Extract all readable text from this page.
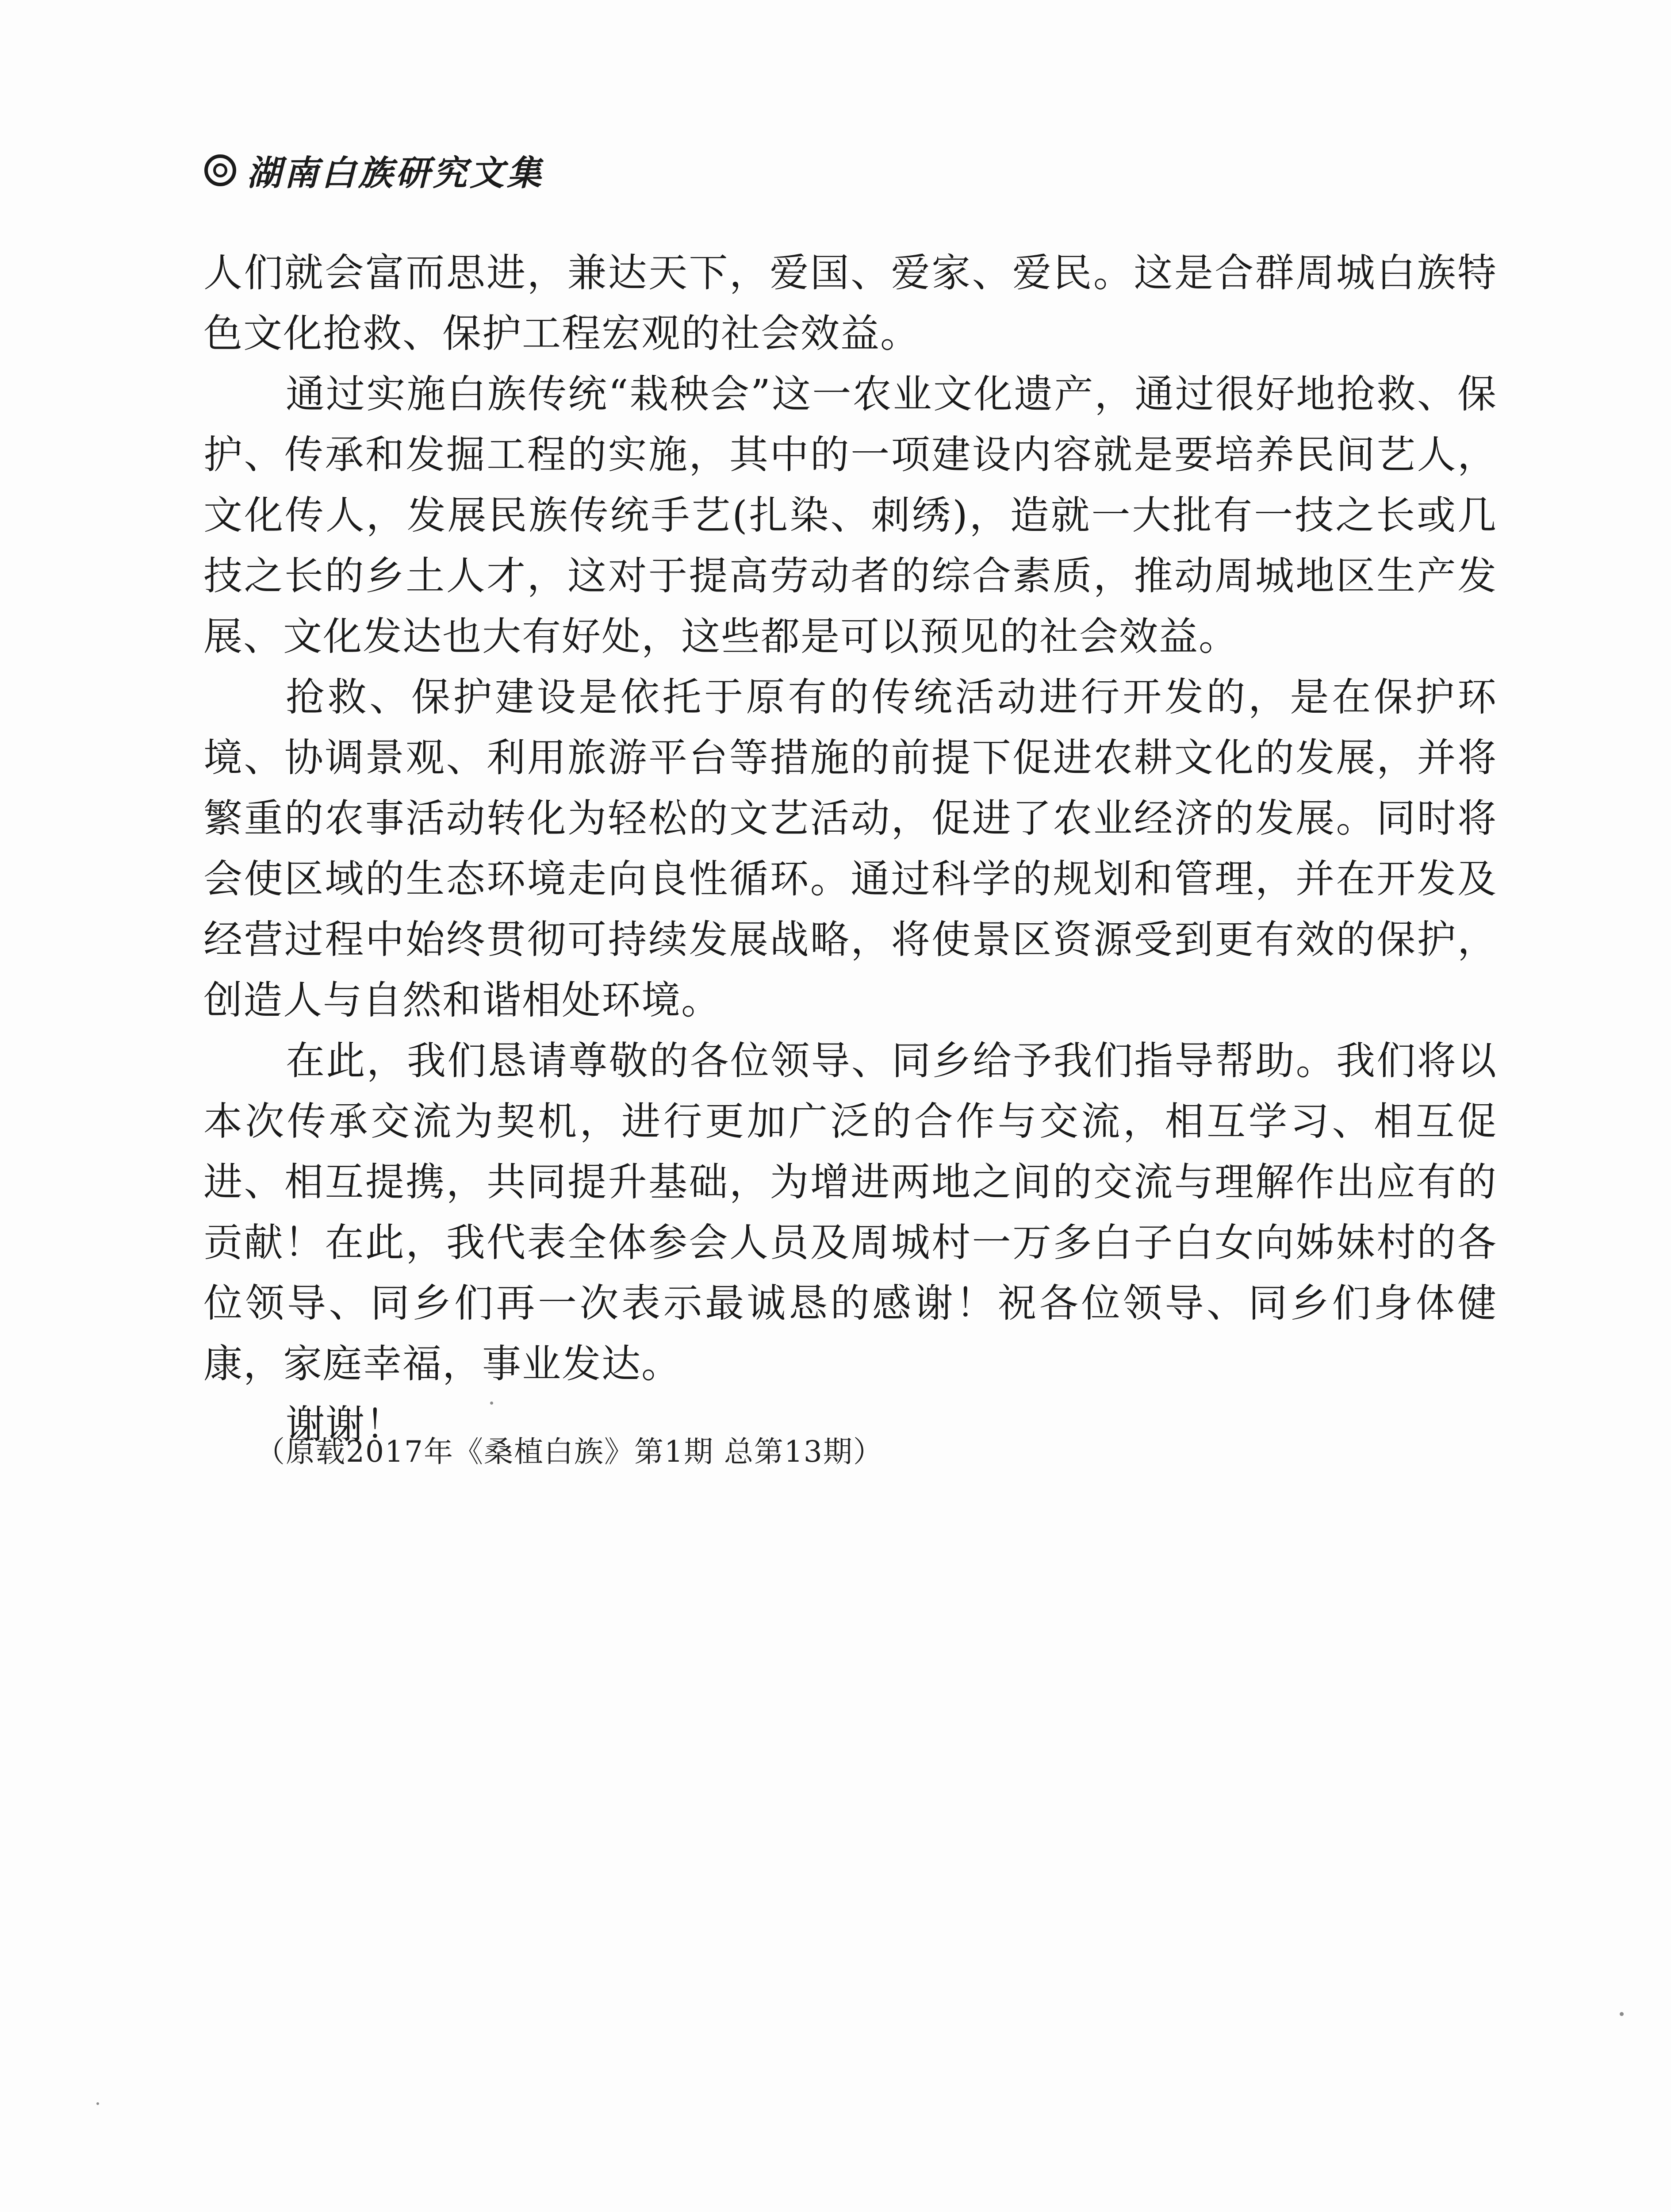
湖南白族研究文集

人们就会富而思进，兼达天下，爱国、爱家、爱民。这是合群周城白族特色文化抢救、保护工程宏观的社会效益。

通过实施白族传统“栽秧会”这一农业文化遗产，通过很好地抢救、保护、传承和发掘工程的实施，其中的一项建设内容就是要培养民间艺人，文化传人，发展民族传统手艺(扎染、刺绣)，造就一大批有一技之长或几技之长的乡土人才，这对于提高劳动者的综合素质，推动周城地区生产发展、文化发达也大有好处，这些都是可以预见的社会效益。

抢救、保护建设是依托于原有的传统活动进行开发的，是在保护环境、协调景观、利用旅游平台等措施的前提下促进农耕文化的发展，并将繁重的农事活动转化为轻松的文艺活动，促进了农业经济的发展。同时将会使区域的生态环境走向良性循环。通过科学的规划和管理，并在开发及经营过程中始终贯彻可持续发展战略，将使景区资源受到更有效的保护，创造人与自然和谐相处环境。

在此，我们恳请尊敬的各位领导、同乡给予我们指导帮助。我们将以本次传承交流为契机，进行更加广泛的合作与交流，相互学习、相互促进、相互提携，共同提升基础，为增进两地之间的交流与理解作出应有的贡献！在此，我代表全体参会人员及周城村一万多白子白女向姊妹村的各位领导、同乡们再一次表示最诚恳的感谢！祝各位领导、同乡们身体健康，家庭幸福，事业发达。

谢谢！

（原载2017年《桑植白族》第1期 总第13期）
